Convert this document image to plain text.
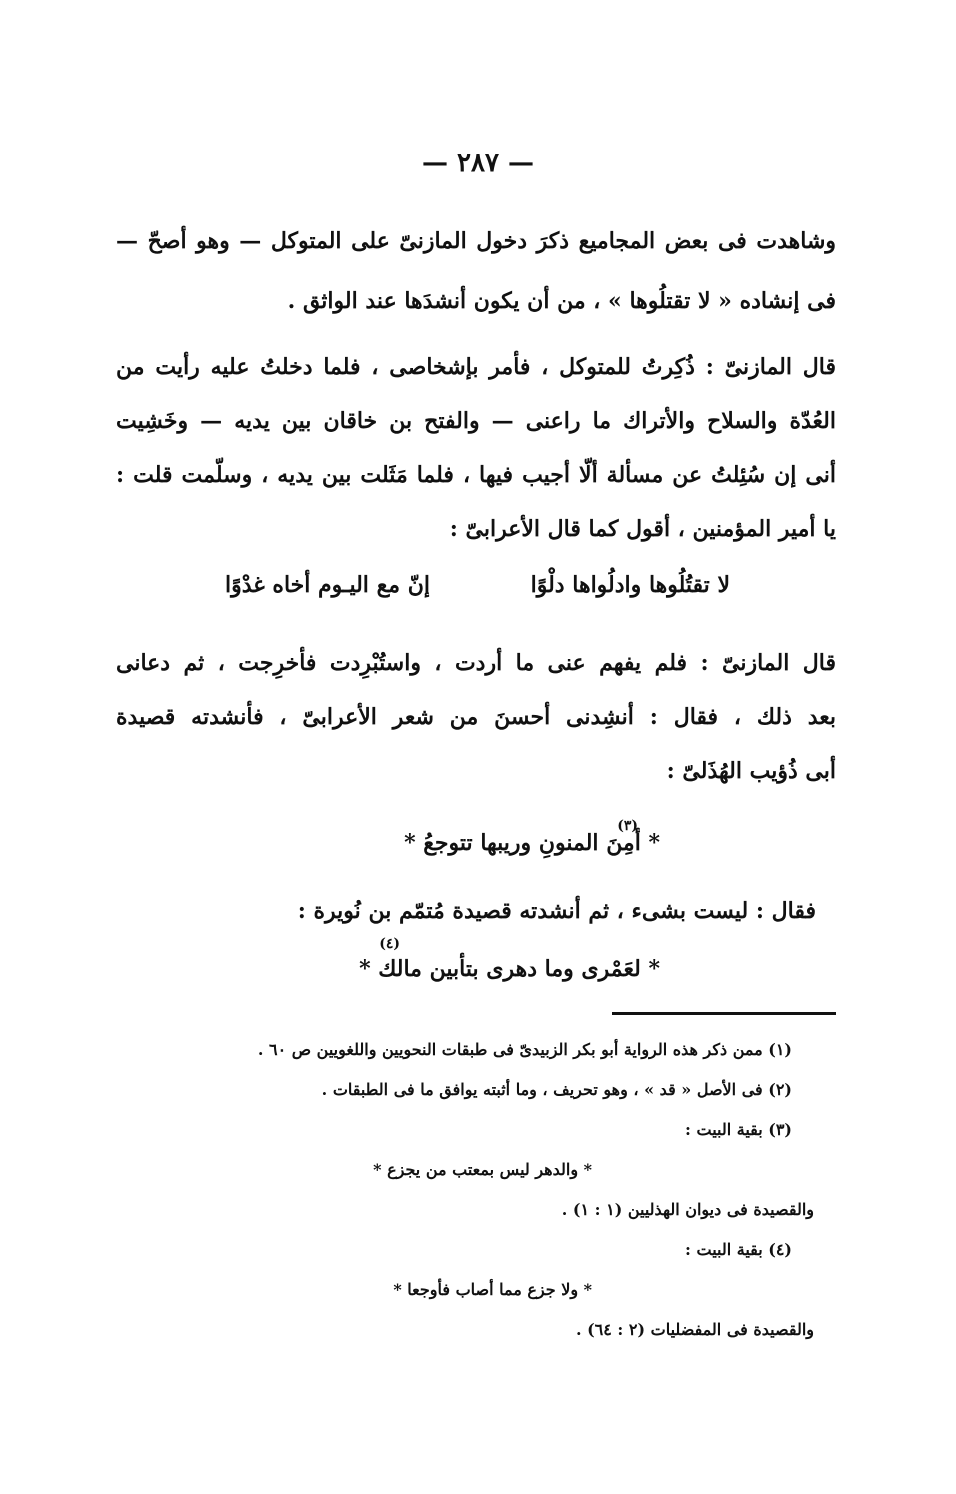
— ٢٨٧ —
وشاهدت فى بعض المجاميع ذكرَ دخول المازنىّ على المتوكل — وهو أصحّ —
فى إنشاده « لا تقتلُوها » ، من أن يكون أنشدَها عند الواثق .
قال المازنىّ : ذُكِرتُ للمتوكل ، فأمر بإشخاصى ، فلما دخلتُ عليه رأيت من
العُدّة والسلاح والأتراك ما راعنى — والفتح بن خاقان بين يديه — وخَشِيت
أنى إن سُئِلتُ عن مسألة ألّا أجيب فيها ، فلما مَثَلت بين يديه ، وسلّمت قلت :
يا أمير المؤمنين ، أقول كما قال الأعرابىّ :
لا تقتُلُوها وادلُواها دلْوًا
إنّ مع اليـوم أخاه غدْوًا
قال المازنىّ : فلم يفهم عنى ما أردت ، واستُبْرِدت فأخرِجت ، ثم دعانى
بعد ذلك ، فقال : أنشِدنى أحسنَ من شعر الأعرابىّ ، فأنشدته قصيدة
أبى ذُؤيب الهُذَلىّ :
(٣)
* أمِنَ المنونِ وريبها تتوجعُ *
فقال : ليست بشىء ، ثم أنشدته قصيدة مُتمّم بن نُويرة :
(٤)
* لعَمْرى وما دهرى بتأبين مالك *
(١) ممن ذكر هذه الرواية أبو بكر الزبيدىّ فى طبقات النحويين واللغويين ص ٦٠ .
(٢) فى الأصل « قد » ، وهو تحريف ، وما أثبته يوافق ما فى الطبقات .
(٣) بقية البيت :
* والدهر ليس بمعتب من يجزع *
والقصيدة فى ديوان الهذليين (١ : ١) .
(٤) بقية البيت :
* ولا جزع مما أصاب فأوجعا *
والقصيدة فى المفضليات (٢ : ٦٤) .
